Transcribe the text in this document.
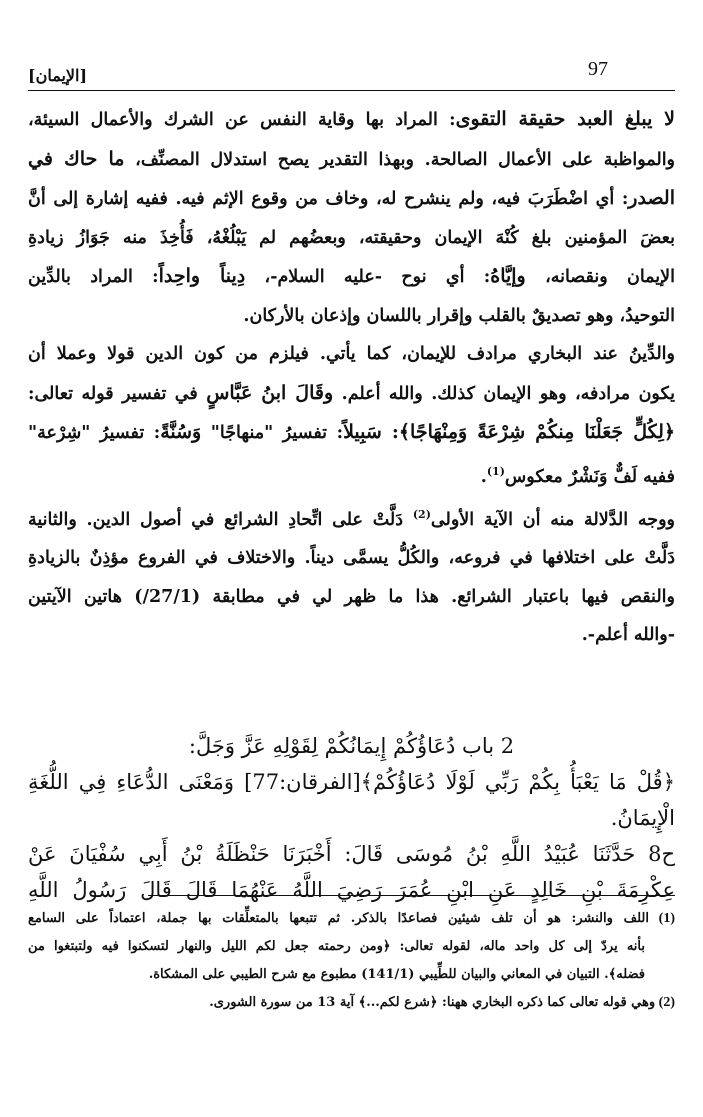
97
[الإيمان]

لا يبلغ العبد حقيقة التقوى: المراد بها وقاية النفس عن الشرك والأعمال السيئة،

والمواظبة على الأعمال الصالحة. وبهذا التقدير يصح استدلال المصنِّف، ما حاك في

الصدر: أي اضْطَرَبَ فيه، ولم ينشرح له، وخاف من وقوع الإثم فيه. ففيه إشارة إلى أنَّ

بعضَ المؤمنين بلغ كُنْهَ الإيمان وحقيقته، وبعضُهم لم يَبْلُغْهُ، فَأُخِذَ منه جَوَازُ زيادةِ

الإيمان ونقصانه، وإيَّاهُ: أي نوح -عليه السلام-، دِيناً واحِداً: المراد بالدِّين

التوحيدُ، وهو تصديقٌ بالقلب وإقرار باللسان وإذعان بالأركان.

والدِّينُ عند البخاري مرادف للإيمان، كما يأتي. فيلزم من كون الدين قولا وعملا أن

يكون مرادفه، وهو الإيمان كذلك. والله أعلم. وقَالَ ابنُ عَبَّاسٍ في تفسير قوله تعالى:

﴿لِكُلٍّ جَعَلْنَا مِنكُمْ شِرْعَةً وَمِنْهَاجًا﴾: سَبِيلاً: تفسيرُ "منهاجًا" وَسُنَّةً: تفسيرُ "شِرْعة"

ففيه لَفٌّ وَنَشْرٌ معكوس$^{(1)}$.

ووجه الدَّلالة منه أن الآية الأولى$^{(2)}$ دَلَّتْ على اتِّحادِ الشرائع في أصول الدين. والثانية

دَلَّتْ على اختلافها في فروعه، والكُلُّ يسمَّى ديناً. والاختلاف في الفروع مؤذِنٌ بالزيادةِ

والنقص فيها باعتبار الشرائع. هذا ما ظهر لي في مطابقة (27/1/) هاتين الآيتين

-والله أعلم-.

2 باب دُعَاؤُكُمْ إِيمَانُكُمْ لِقَوْلِهِ عَزَّ وَجَلَّ:

﴿قُلْ مَا يَعْبَأُ بِكُمْ رَبِّي لَوْلَا دُعَاؤُكُمْ﴾[الفرقان:77] وَمَعْنَى الدُّعَاءِ فِي اللُّغَةِ الْإِيمَانُ.

ح8 حَدَّثَنَا عُبَيْدُ اللَّهِ بْنُ مُوسَى قَالَ: أَخْبَرَنَا حَنْظَلَةُ بْنُ أَبِي سُفْيَانَ عَنْ

عِكْرِمَةَ بْنِ خَالِدٍ عَنِ ابْنِ عُمَرَ رَضِيَ اللَّهُ عَنْهُمَا قَالَ قَالَ رَسُولُ اللَّهِ

(1) اللف والنشر: هو أن تلف شيئين فصاعدًا بالذكر. ثم تتبعها بالمتعلِّقات بها جملة، اعتماداً على السامع

بأنه يردّ إلى كل واحد ماله، لقوله تعالى: ﴿ومن رحمته جعل لكم الليل والنهار لتسكنوا فيه ولتبتغوا من

فضله﴾. التبيان في المعاني والبيان للطِّيبي (141/1) مطبوع مع شرح الطيبي على المشكاة.

(2) وهي قوله تعالى كما ذكره البخاري ههنا: ﴿شرع لكم...﴾ آية 13 من سورة الشورى.
